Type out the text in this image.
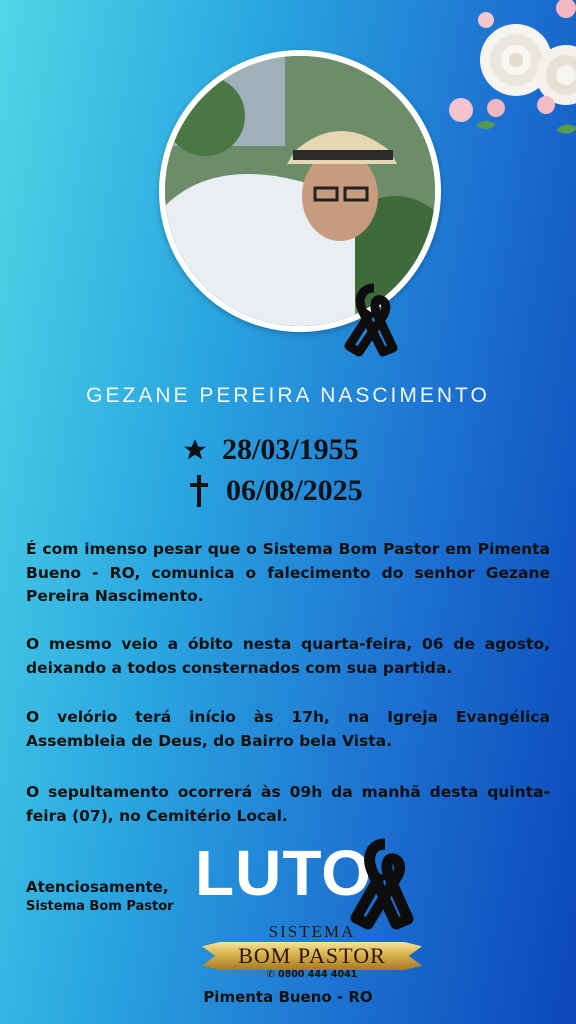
GEZANE PEREIRA NASCIMENTO
28/03/1955
06/08/2025
É com imenso pesar que o Sistema Bom Pastor em Pimenta Bueno - RO, comunica o falecimento do senhor Gezane Pereira Nascimento.
O mesmo veio a óbito nesta quarta-feira, 06 de agosto, deixando a todos consternados com sua partida.
O velório terá início às 17h, na Igreja Evangélica Assembleia de Deus, do Bairro bela Vista.
O sepultamento ocorrerá às 09h da manhã desta quinta-feira (07), no Cemitério Local.
Atenciosamente,
Sistema Bom Pastor LUTO
SISTEMA
BOM PASTOR
✆ 0800 444 4041
Pimenta Bueno - RO
